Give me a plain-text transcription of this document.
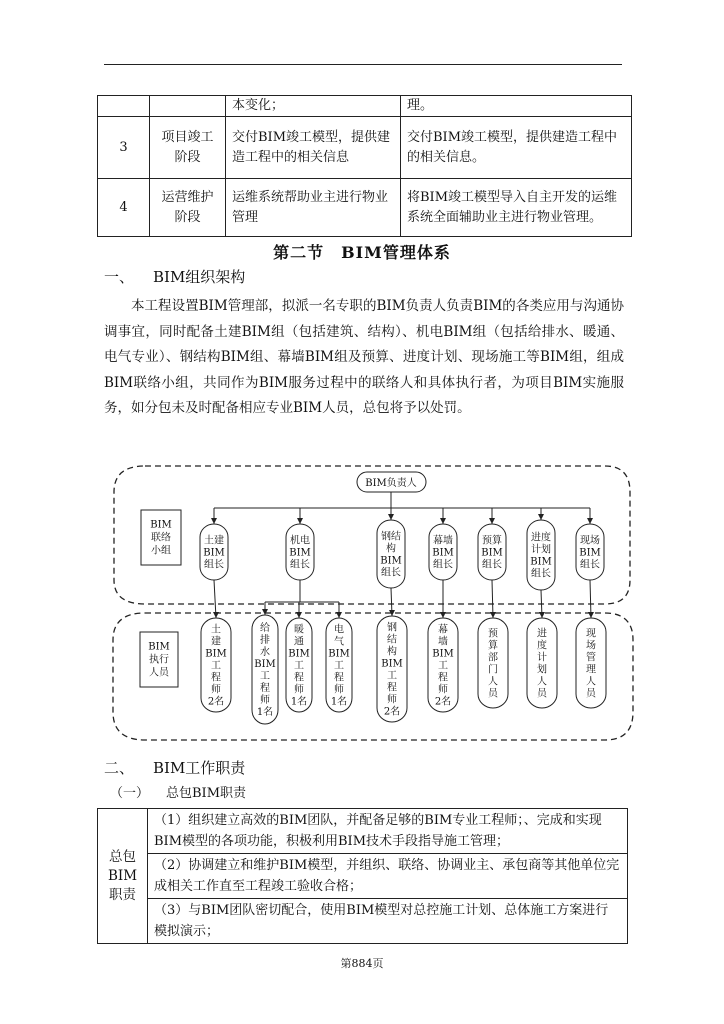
		本变化；	理。
3	项目竣工阶段	交付BIM竣工模型，提供建造工程中的相关信息	交付BIM竣工模型，提供建造工程中的相关信息。
4	运营维护阶段	运维系统帮助业主进行物业管理	将BIM竣工模型导入自主开发的运维系统全面辅助业主进行物业管理。
第二节　BIM管理体系
一、 BIM组织架构

本工程设置BIM管理部，拟派一名专职的BIM负责人负责BIM的各类应用与沟通协调事宜，同时配备土建BIM组（包括建筑、结构）、机电BIM组（包括给排水、暖通、电气专业）、钢结构BIM组、幕墙BIM组及预算、进度计划、现场施工等BIM组，组成BIM联络小组，共同作为BIM服务过程中的联络人和具体执行者，为项目BIM实施服务，如分包未及时配备相应专业BIM人员，总包将予以处罚。

BIM
联络
小组
BIM
执行
人员
BIM负责人
土建
BIM
组长
机电
BIM
组长
钢结
构
BIM
组长
幕墙
BIM
组长
预算
BIM
组长
进度
计划
BIM
组长
现场
BIM
组长
土
建
BIM
工
程
师
2名
给
排
水
BIM
工
程
师
1名
暖
通
BIM
工
程
师
1名
电
气
BIM
工
程
师
1名
钢
结
构
BIM
工
程
师
2名
幕
墙
BIM
工
程
师
2名
预
算
部
门
人
员
进
度
计
划
人
员
现
场
管
理
人
员
二、 BIM工作职责
（一） 总包BIM职责
总包
BIM
职责
	（1）组织建立高效的BIM团队，并配备足够的BIM专业工程师；、完成和实现BIM模型的各项功能，积极利用BIM技术手段指导施工管理；
（2）协调建立和维护BIM模型，并组织、联络、协调业主、承包商等其他单位完成相关工作直至工程竣工验收合格；
（3）与BIM团队密切配合，使用BIM模型对总控施工计划、总体施工方案进行模拟演示；
第884页
